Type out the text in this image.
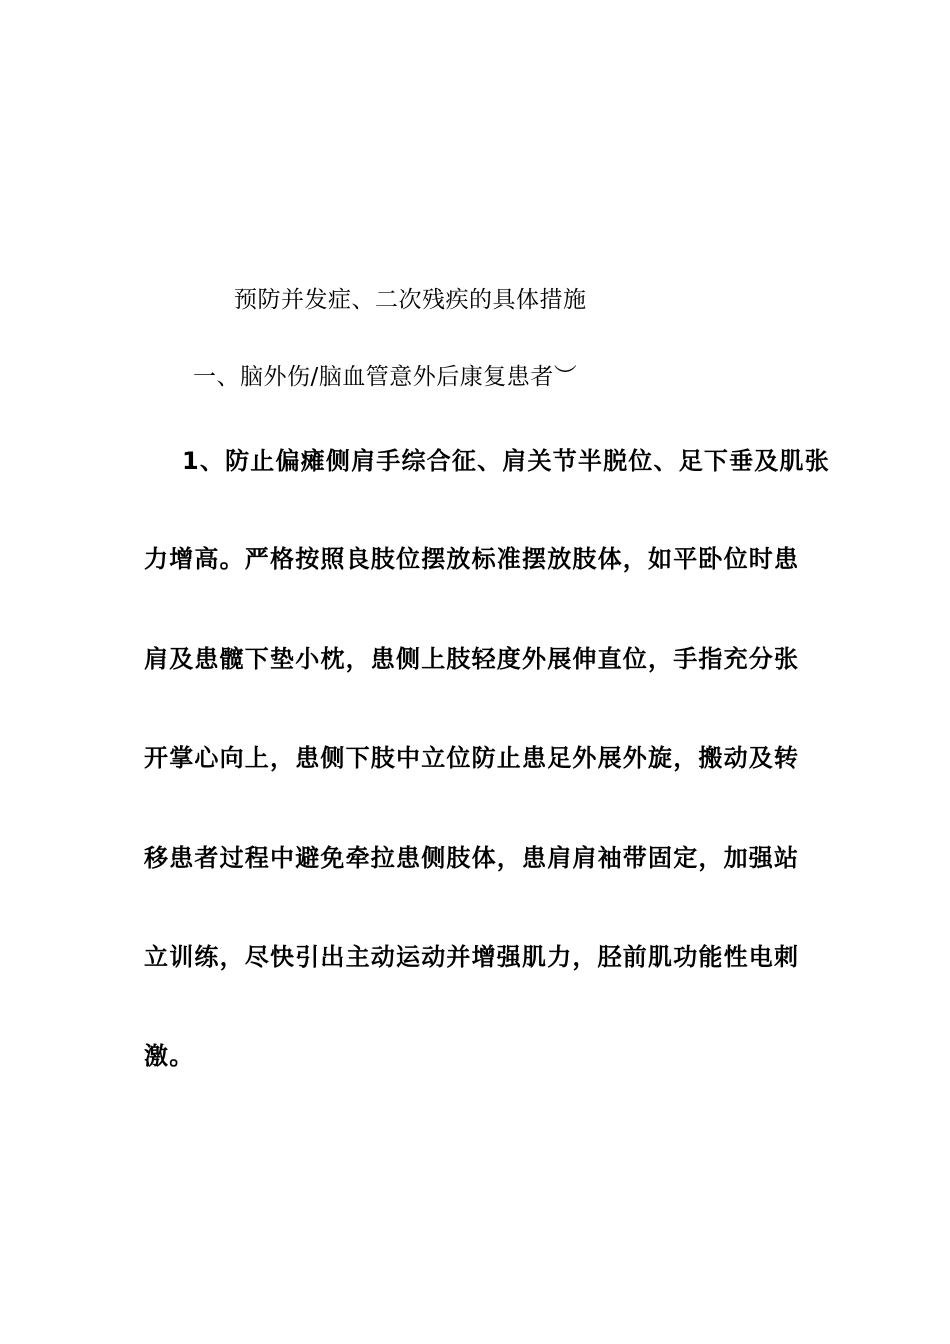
预防并发症、二次残疾的具体措施
一、脑外伤/脑血管意外后康复患者︶
1、防止偏瘫侧肩手综合征、肩关节半脱位、足下垂及肌张
力增高。严格按照良肢位摆放标准摆放肢体，如平卧位时患
肩及患髋下垫小枕，患侧上肢轻度外展伸直位，手指充分张
开掌心向上，患侧下肢中立位防止患足外展外旋，搬动及转
移患者过程中避免牵拉患侧肢体，患肩肩袖带固定，加强站
立训练，尽快引出主动运动并增强肌力，胫前肌功能性电刺
激。
